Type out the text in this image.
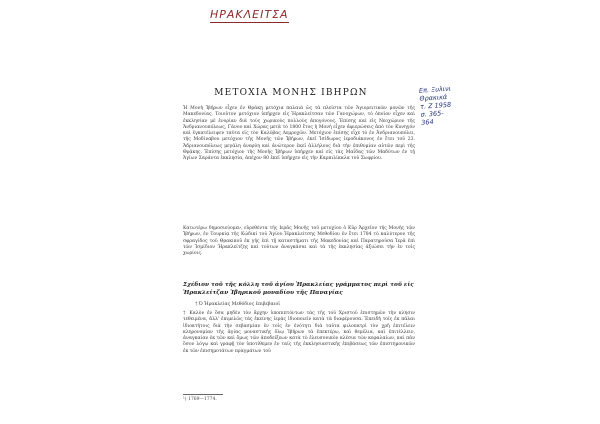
ΗΡΑΚΛΕΙΤΣΑ
Επ. Ξυλινι
Θρακικά
τ. Ζ 1958
σ. 365-
364
ΜΕΤΟΧΙΑ ΜΟΝΗΣ ΙΒΗΡΩΝ
Ἡ Μονὴ Ἰβήρων εἶχεν ἐν Θράκῃ μετόχια παλαιὰ ὡς τὰ πλεῖστα τῶν Ἁγιορειτικῶν μονῶν τῆς Μακεδονίας. Τοιοῦτον μετόχιον ὑπῆρχεν εἰς Ἡρακλείτσαν τῶν Γανοχώρων, τὸ ὁποῖον εἶχεν καὶ ἐκκλησίαν μὲ ἐνορίαν διὰ τοὺς χωρικοὺς πολλοὺς ἀπογόνους. Ἐπίσης καὶ εἰς Νεοχώριον τῆς Ἀνδριανουπόλεως, Γάνου καὶ Χώρας μετὰ τὸ 1800 ἔτος ἡ Μονὴ εἶχεν ἀφιερώσεις ἀπὸ τὸν Κυνηγόν καὶ ἐγκατέλειψεν ταῦτα εἰς τὸν Καλύβας Λεμροχῶν. Μετόχιον ἐπίσης εἶχε τὸ ἐν Ἀνδριανουπόλει, τῆς Μοδίναβου μετόχιον τῆς Μονῆς τῶν Ἰβήρων, ἐκεῖ Ἰσίδωρος ἱεροδιάκονος ἐν ἔτει τοῦ 23. Ἀδριανουπόλεως μεγάλη ἀνεφύη καὶ ἀνώτερον ἐκεῖ ἀλλήλους διὰ τὴν ἐπιθυμίαν αὐτῶν περὶ τῆς Θρᾴκης. Ἐπίσης μετόχιον τῆς Μονῆς Ἰβήρων ὑπῆρχεν καὶ εἰς τὰς Μαΐδας τῶν Μαδύτων ἐν τῇ Ἁγίων Σαράντα ἐκκλησία, ἀπέχον 80 ἐκεῖ ὑπῆρχεν εἰς τὴν Καρπιλίκαλα τοῦ Σωφρίου.
Κατωτέρω δημοσιεύομεν, εὑρεθέντα τῆς Ιερᾶς Μονῆς τοῦ μετοχίου ὁ Κῦρ Ἀρχεῖον τῆς Μονῆς τῶν Ἰβήρων, ἐν Τουρκίᾳ τῆς Κώδικί τοῦ Ἁγίου Ἡρακλείτσης Μεθοδίου ἐν ἔτει 1784 τὸ καλύτερον τῆς σφραγῖδος τοῦ Θρακικοῦ ἐκ γῆς ἐπὶ τῇ καταστήματι τῆς Μακεδονίας καὶ Παρατηροῦσα Ἱερᾶ ἐπὶ τῶν Ἰσμίδιον Ἡρακλείτζης καὶ τούτων ἀναγκάσαι καὶ τὰ τῆς ἐκκλησίας ἀξιώσει τὴν ἐν τοῖς χωρίοις.
Σχέδιον τοῦ τῆς κόλλη τοῦ ἁγίου Ἡρακλείας γράμματος περὶ τοῦ εἰς Ἡρακλείτζαν Ἰβηρικοῦ μοναδίου τῆς Παναγίας
† Ὁ Ἡρακλείας Μεθόδιος ἐπιβεβαιοῖ
† Καλὸν ἐν ὅσα μηδὲν τὸν ἄρχην ὑποπιπτόντων τὰς τῆς τοῦ Χριστοῦ ἐπιστημῶν τὴν κλησιν τεθειμένα, ἀλλ' ἐπιμελῶς τὰς ἐκείνης ἱερὰς ἰδιοποιεῖν κατὰ τὰ διαφέρουσα. Ἐπειδὴ τοῖς ἐκ πάλαι ἰδιοκτήτοις διὰ τὴν σεβασμίαν ἐν τοῖς ἐν ἑνότητι διὰ ταῦτα φιλοπατρὶ τὸν χρῆ ἐπιτέλειν κληρονομίαν τῆς ἁγίας μοναστικῆς ὅλῳ Ἰβήρων τὰ ἐπεκτέρω, καὶ θεμέλια, καὶ ἐπιτέλλειν, ἀναγκαίαν ἐκ τῶν καὶ ὅμως τῶν ἀποδείξεων κατὰ τὸ ἐλευσονικὸν κλέσια τῶν κεφαλαίων, καὶ πᾶν ὅσον λόγῳ καὶ γραφῇ τὸν ὑποτίθεμεν ἐν ταῖς τῆς ἐκκλησιαστικῆς ἐπιβάσεως τῶν ἐπιστημονικῶν ἐκ τῶν ἐπισημοτάτων πραγμάτων τοῦ
¹) 1769—1774.
